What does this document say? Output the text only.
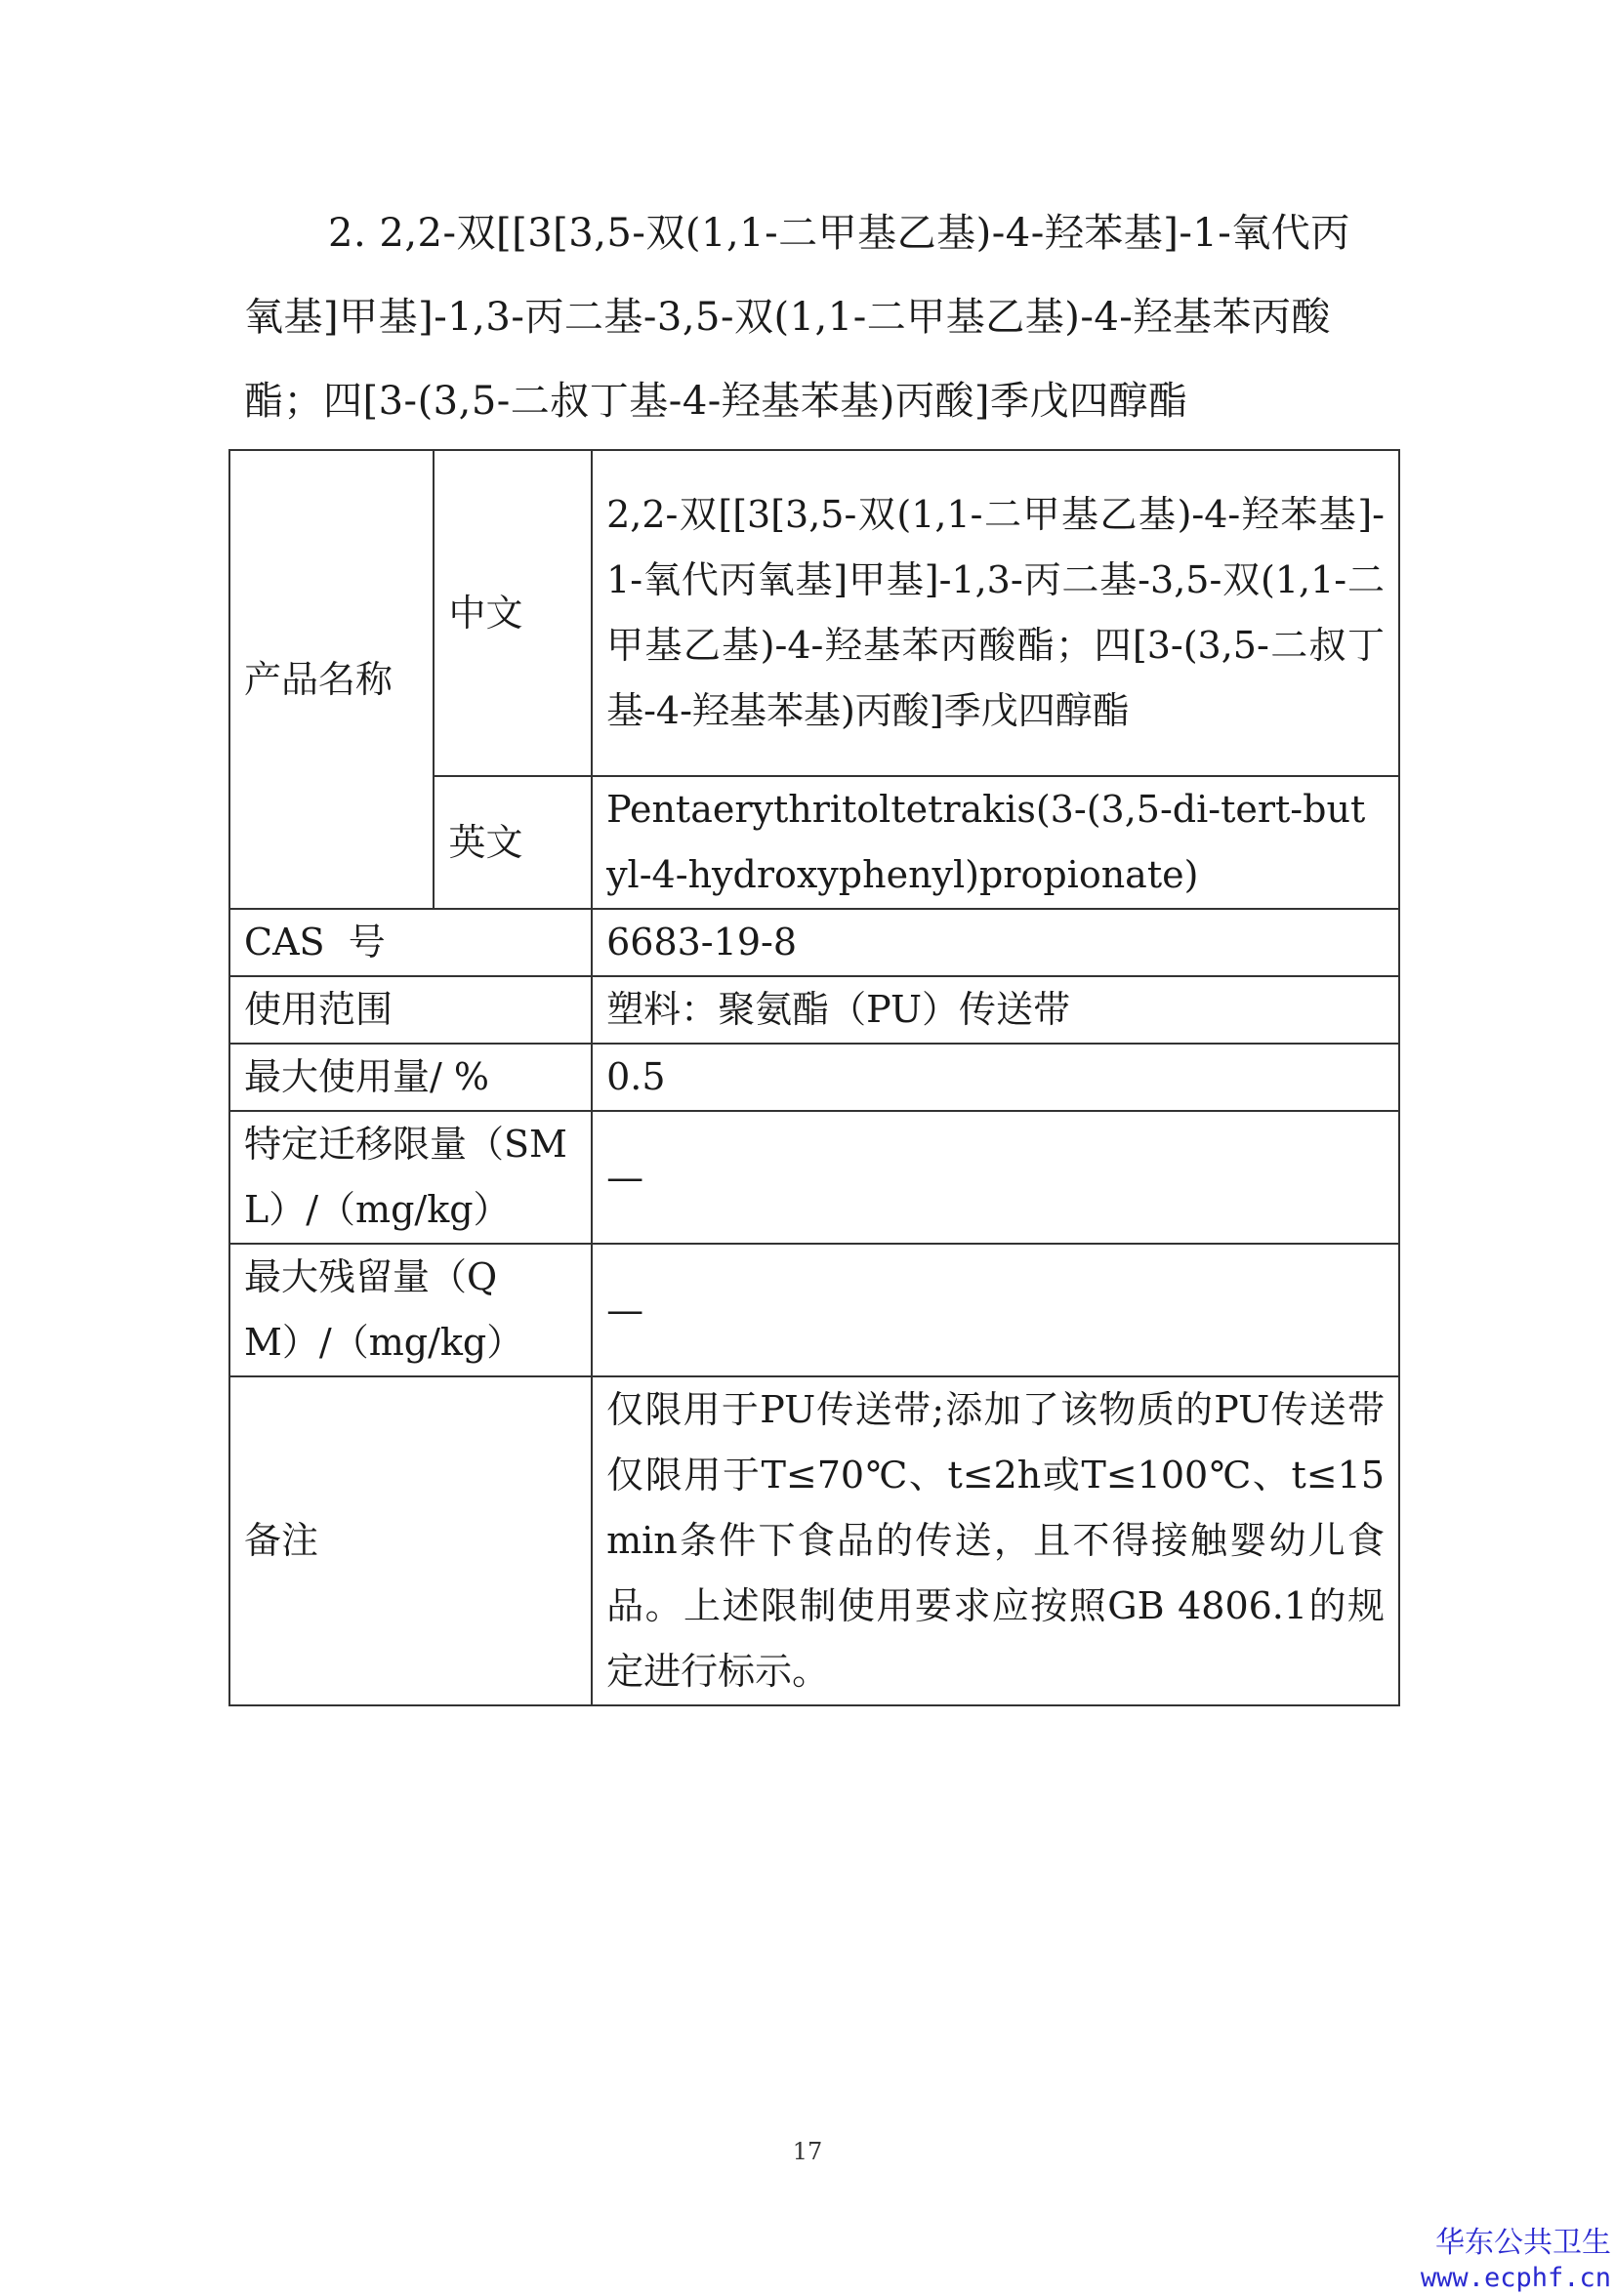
2. 2,2-双[[3[3,5-双(1,1-二甲基乙基)-4-羟苯基]-1-氧代丙氧基]甲基]-1,3-丙二基-3,5-双(1,1-二甲基乙基)-4-羟基苯丙酸酯；四[3-(3,5-二叔丁基-4-羟基苯基)丙酸]季戊四醇酯
产品名称	中文	2,2-双[[3[3,5-双(1,1-二甲基乙基)-4-羟苯基]-1-氧代丙氧基]甲基]-1,3-丙二基-3,5-双(1,1-二甲基乙基)-4-羟基苯丙酸酯；四[3-(3,5-二叔丁基-4-羟基苯基)丙酸]季戊四醇酯
	英文	Pentaerythritoltetrakis(3-(3,5-di-tert-butyl-4-hydroxyphenyl)propionate)
CAS  号		6683-19-8
使用范围		塑料：聚氨酯（PU）传送带
最大使用量/ %		0.5
特定迁移限量（SML）/（mg/kg）		—
最大残留量（QM）/（mg/kg）		—
备注		仅限用于PU传送带;添加了该物质的PU传送带仅限用于T≤70℃、t≤2h或T≤100℃、t≤15 min条件下食品的传送，且不得接触婴幼儿食品。上述限制使用要求应按照GB 4806.1的规定进行标示。
17
华东公共卫生
www.ecphf.cn
